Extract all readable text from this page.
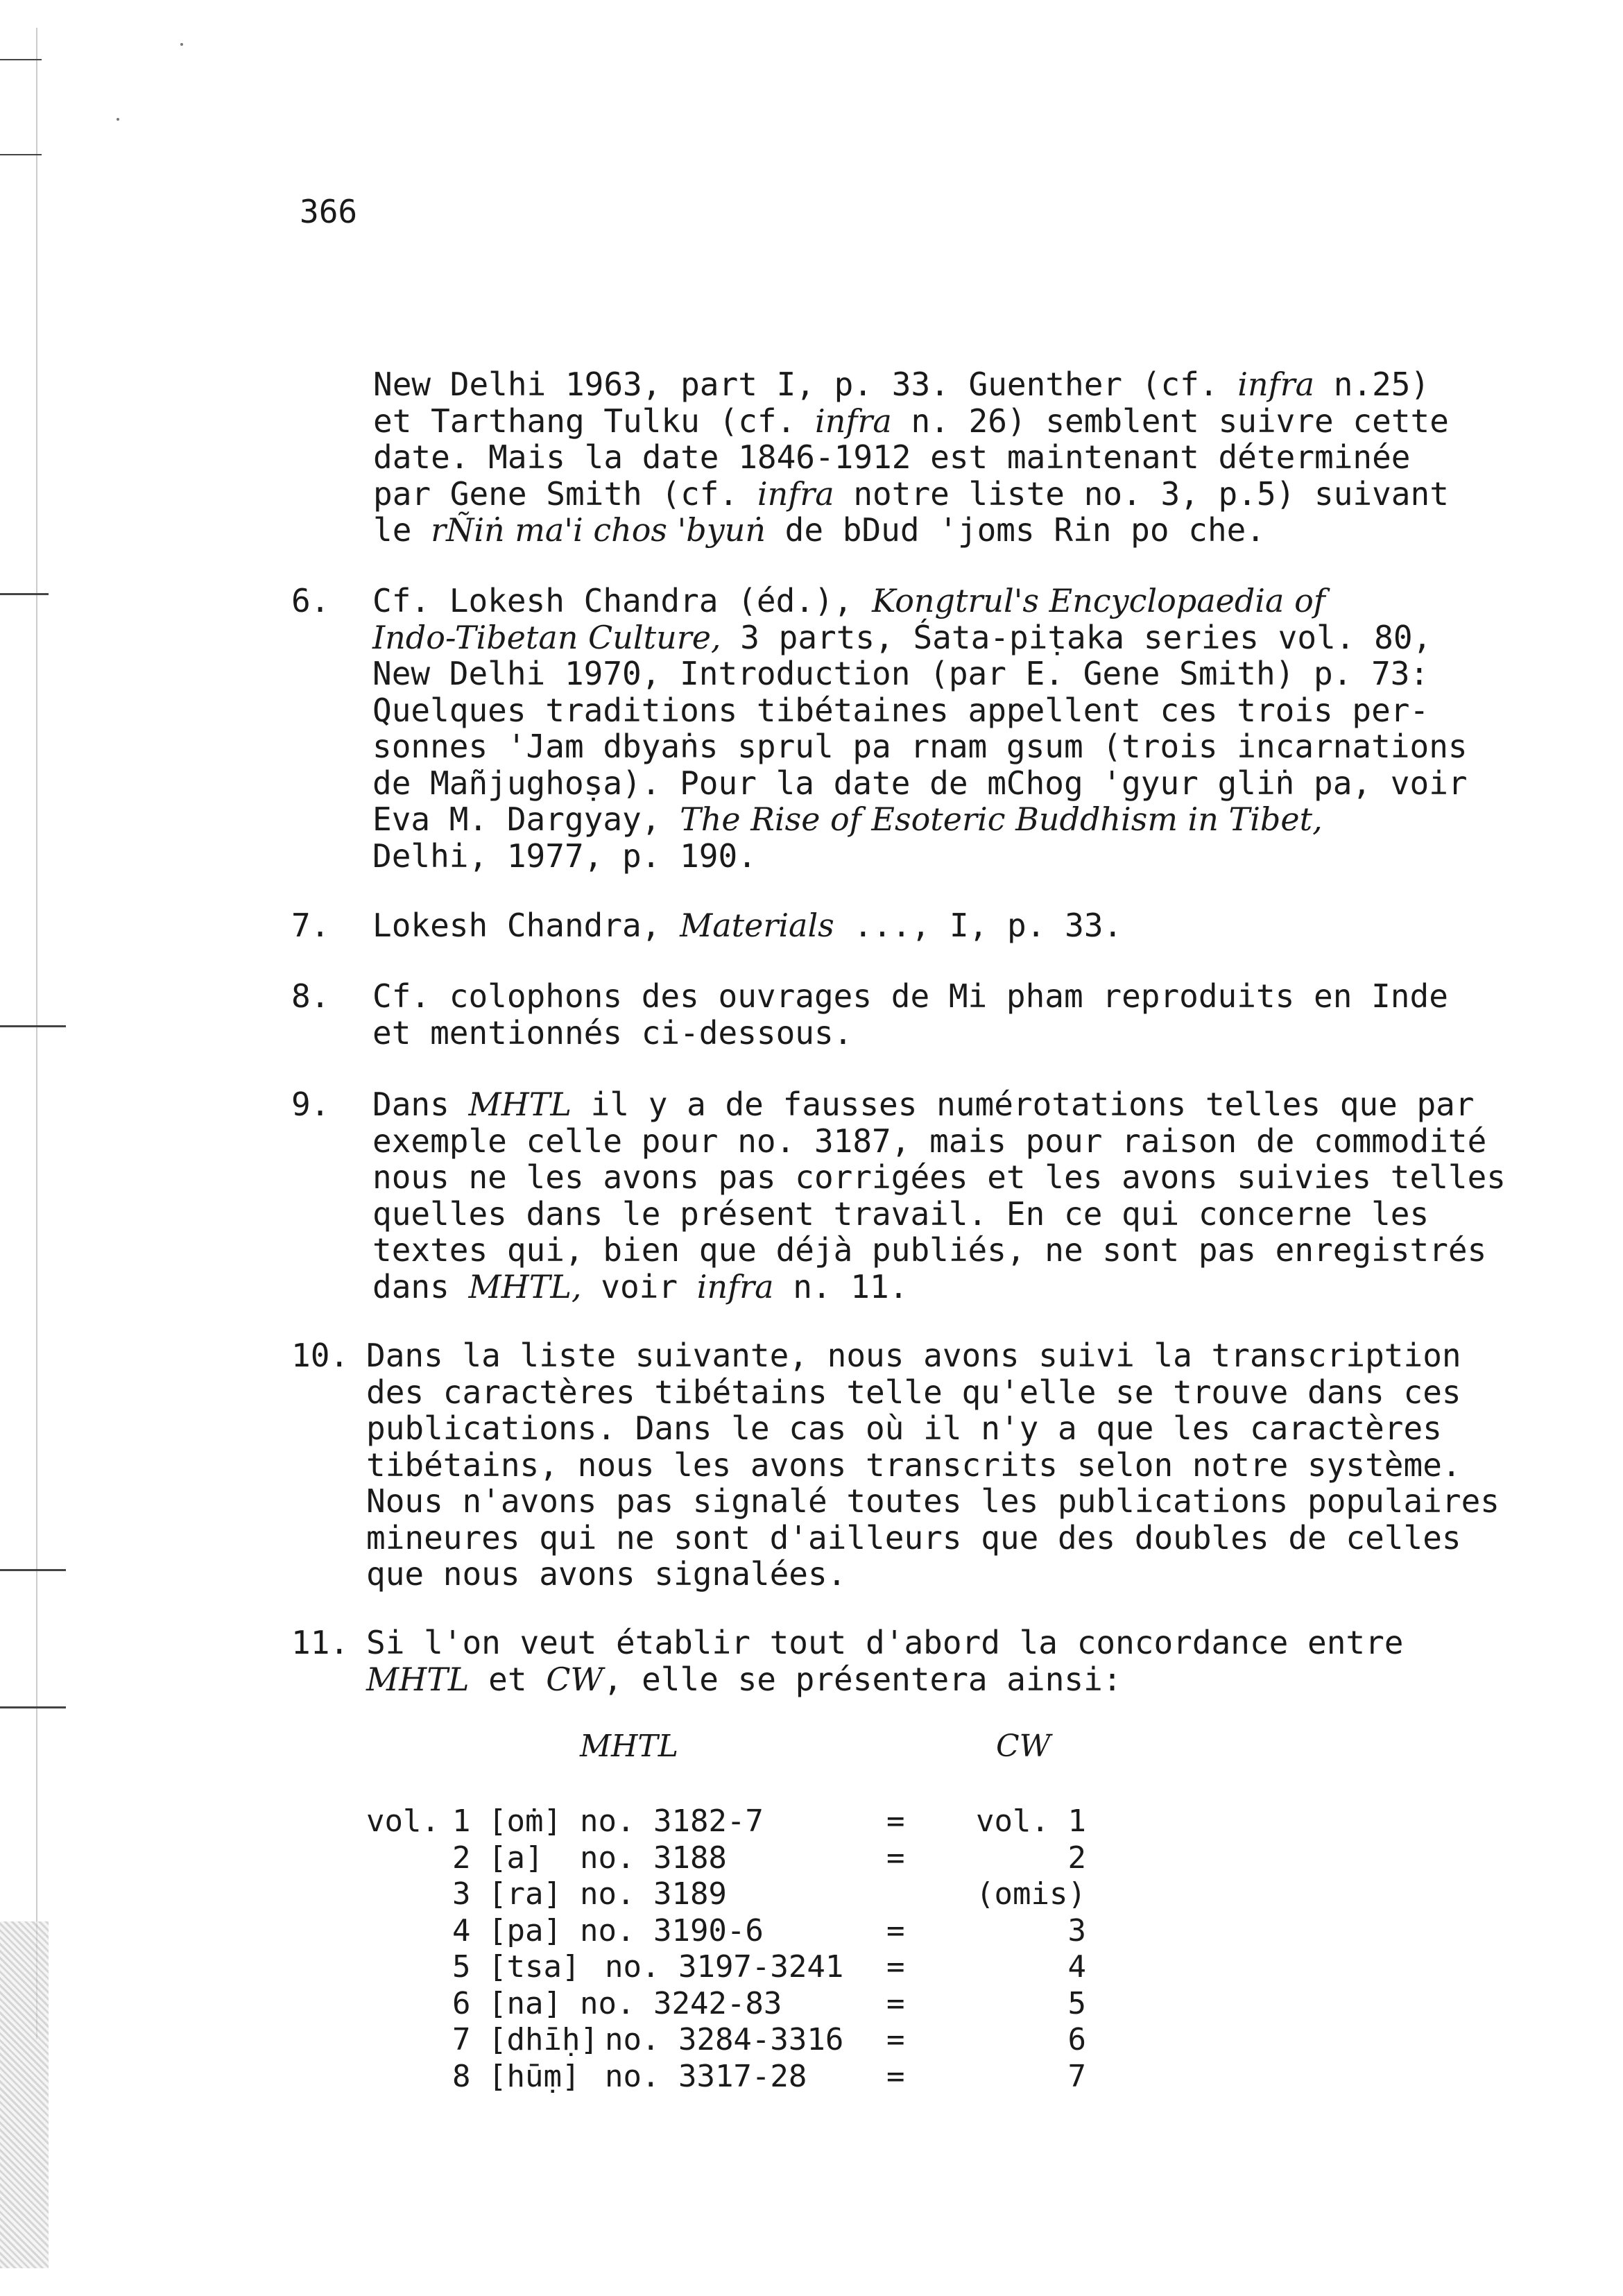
366
New Delhi 1963, part I, p. 33. Guenther (cf. infra n.25)
et Tarthang Tulku (cf. infra n. 26) semblent suivre cette
date. Mais la date 1846-1912 est maintenant déterminée
par Gene Smith (cf. infra notre liste no. 3, p.5) suivant
le rÑiṅ ma'i chos 'byuṅ de bDud 'joms Rin po che.
6. Cf. Lokesh Chandra (éd.), Kongtrul's Encyclopaedia of
Indo-Tibetan Culture, 3 parts, Śata-piṭaka series vol. 80,
New Delhi 1970, Introduction (par E. Gene Smith) p. 73:
Quelques traditions tibétaines appellent ces trois per-
sonnes 'Jam dbyaṅs sprul pa rnam gsum (trois incarnations
de Mañjughoṣa). Pour la date de mChog 'gyur gliṅ pa, voir
Eva M. Dargyay, The Rise of Esoteric Buddhism in Tibet,
Delhi, 1977, p. 190.
7. Lokesh Chandra, Materials ..., I, p. 33.
8. Cf. colophons des ouvrages de Mi pham reproduits en Inde
et mentionnés ci-dessous.
9. Dans MHTL il y a de fausses numérotations telles que par
exemple celle pour no. 3187, mais pour raison de commodité
nous ne les avons pas corrigées et les avons suivies telles
quelles dans le présent travail. En ce qui concerne les
textes qui, bien que déjà publiés, ne sont pas enregistrés
dans MHTL, voir infra n. 11.
10. Dans la liste suivante, nous avons suivi la transcription
des caractères tibétains telle qu'elle se trouve dans ces
publications. Dans le cas où il n'y a que les caractères
tibétains, nous les avons transcrits selon notre système.
Nous n'avons pas signalé toutes les publications populaires
mineures qui ne sont d'ailleurs que des doubles de celles
que nous avons signalées.
11. Si l'on veut établir tout d'abord la concordance entre
MHTL et CW, elle se présentera ainsi:
MHTL	CW
vol. 1 [oṁ] no. 3182-7	= vol. 1
2 [a] no. 3188	=	2
3 [ra] no. 3189	(omis)
4 [pa] no. 3190-6	=	3
5 [tsa] no. 3197-3241 =	4
6 [na] no. 3242-83	=	5
7 [dhīḥ] no. 3284-3316 =	6
8 [hūṃ] no. 3317-28	=	7
